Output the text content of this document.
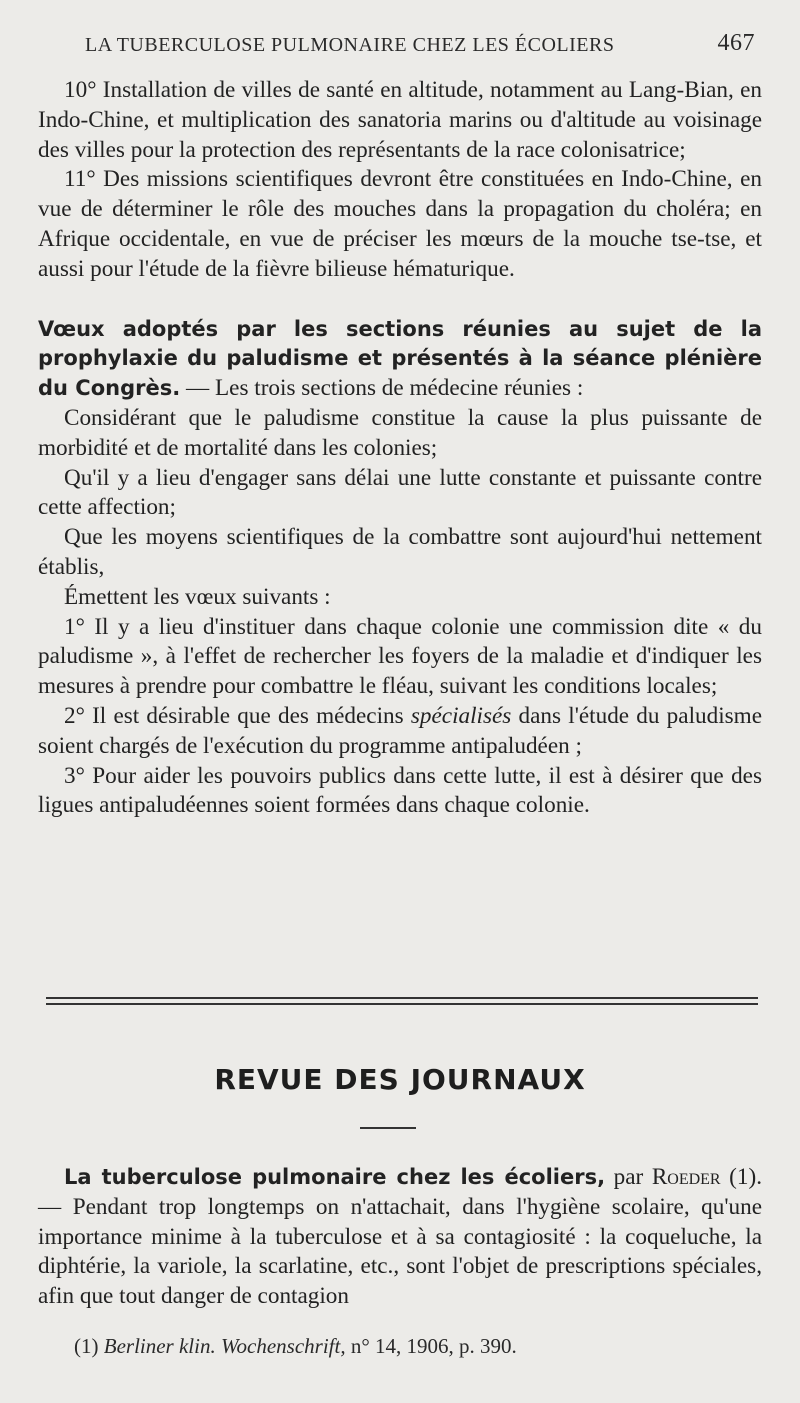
LA TUBERCULOSE PULMONAIRE CHEZ LES ÉCOLIERS	467

10° Installation de villes de santé en altitude, notamment au Lang-Bian, en Indo-Chine, et multiplication des sanatoria marins ou d'altitude au voisinage des villes pour la protection des représentants de la race colonisatrice;

11° Des missions scientifiques devront être constituées en Indo-Chine, en vue de déterminer le rôle des mouches dans la propagation du choléra; en Afrique occidentale, en vue de préciser les mœurs de la mouche tse-tse, et aussi pour l'étude de la fièvre bilieuse hématurique.

Vœux adoptés par les sections réunies au sujet de la prophylaxie du paludisme et présentés à la séance plénière du Congrès. — Les trois sections de médecine réunies :

Considérant que le paludisme constitue la cause la plus puissante de morbidité et de mortalité dans les colonies;

Qu'il y a lieu d'engager sans délai une lutte constante et puissante contre cette affection;

Que les moyens scientifiques de la combattre sont aujourd'hui nettement établis,

Émettent les vœux suivants :

1° Il y a lieu d'instituer dans chaque colonie une commission dite « du paludisme », à l'effet de rechercher les foyers de la maladie et d'indiquer les mesures à prendre pour combattre le fléau, suivant les conditions locales;

2° Il est désirable que des médecins spécialisés dans l'étude du paludisme soient chargés de l'exécution du programme antipaludéen ;

3° Pour aider les pouvoirs publics dans cette lutte, il est à désirer que des ligues antipaludéennes soient formées dans chaque colonie.

REVUE DES JOURNAUX

La tuberculose pulmonaire chez les écoliers, par Roeder (1). — Pendant trop longtemps on n'attachait, dans l'hygiène scolaire, qu'une importance minime à la tuberculose et à sa contagiosité : la coqueluche, la diphtérie, la variole, la scarlatine, etc., sont l'objet de prescriptions spéciales, afin que tout danger de contagion

(1) Berliner klin. Wochenschrift, n° 14, 1906, p. 390.
